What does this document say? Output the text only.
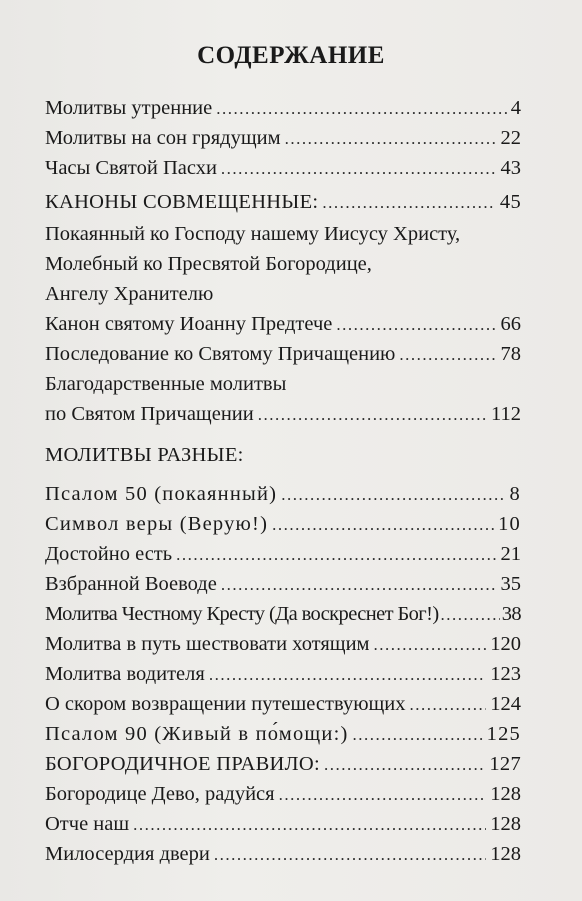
СОДЕРЖАНИЕ
Молитвы утренние .....	4
Молитвы на сон грядущим .....	22
Часы Святой Пасхи .....	43
КАНОНЫ СОВМЕЩЕННЫЕ: .....	45
Покаянный ко Господу нашему Иисусу Христу,
Молебный ко Пресвятой Богородице,
Ангелу Хранителю
Канон святому Иоанну Предтече .....	66
Последование ко Святому Причащению .....	78
Благодарственные молитвы
по Святом Причащении .....	112
МОЛИТВЫ РАЗНЫЕ:
Псалом 50 (покаянный) .....	8
Символ веры (Верую!) .....	10
Достойно есть .....	21
Взбранной Воеводе .....	35
Молитва Честному Кресту (Да воскреснет Бог!) .....	38
Молитва в путь шествовати хотящим .....	120
Молитва водителя .....	123
О скором возвращении путешествующих .....	124
Псалом 90 (Живый в по́мощи:) .....	125
БОГОРОДИЧНОЕ ПРАВИЛО: .....	127
Богородице Дево, радуйся .....	128
Отче наш .....	128
Милосердия двери .....	128
